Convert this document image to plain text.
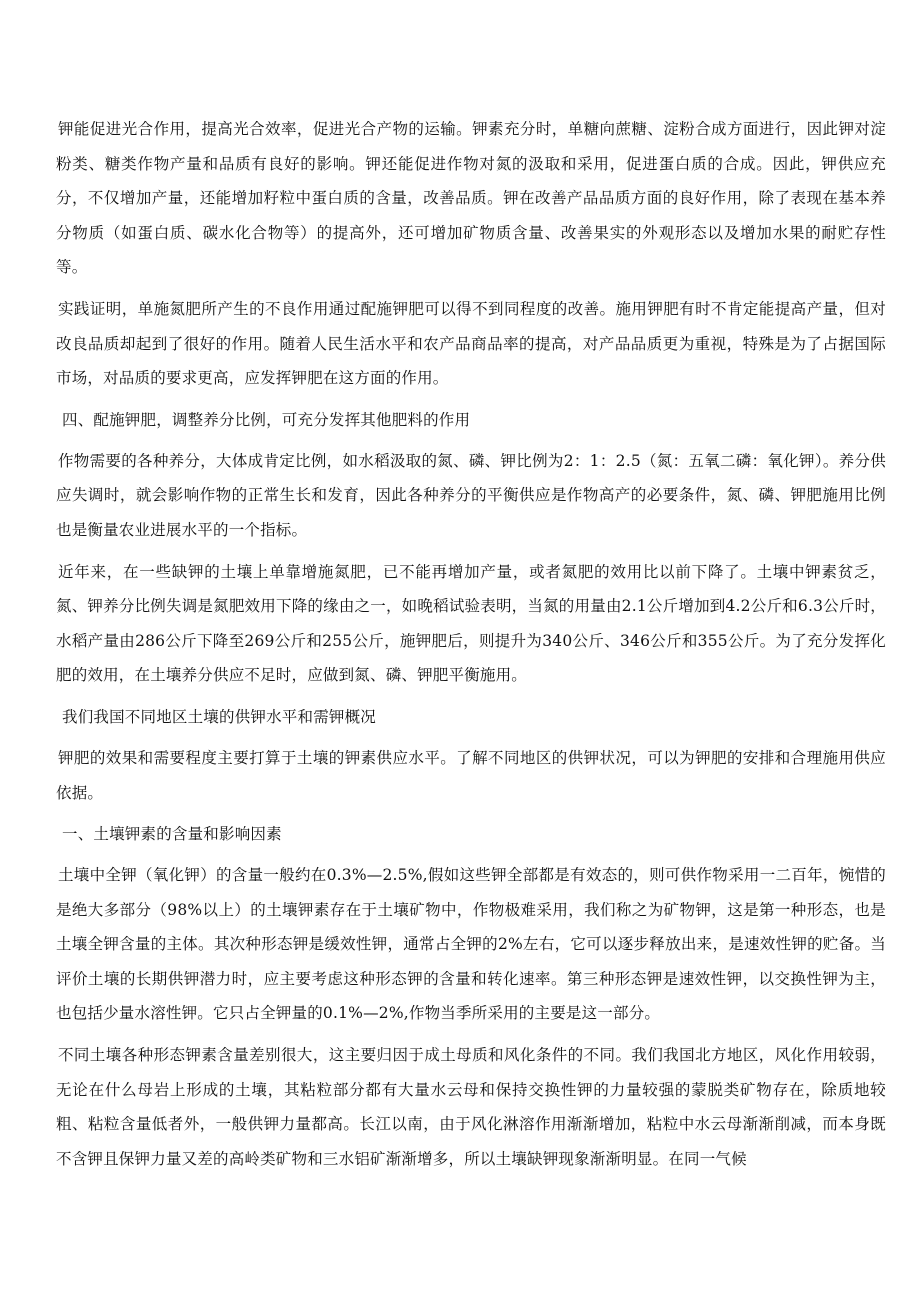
钾能促进光合作用，提高光合效率，促进光合产物的运输。钾素充分时，单糖向蔗糖、淀粉合成方面进行，因此钾对淀粉类、糖类作物产量和品质有良好的影响。钾还能促进作物对氮的汲取和采用，促进蛋白质的合成。因此，钾供应充分，不仅增加产量，还能增加籽粒中蛋白质的含量，改善品质。钾在改善产品品质方面的良好作用，除了表现在基本养分物质（如蛋白质、碳水化合物等）的提高外，还可增加矿物质含量、改善果实的外观形态以及增加水果的耐贮存性等。

实践证明，单施氮肥所产生的不良作用通过配施钾肥可以得不到同程度的改善。施用钾肥有时不肯定能提高产量，但对改良品质却起到了很好的作用。随着人民生活水平和农产品商品率的提高，对产品品质更为重视，特殊是为了占据国际市场，对品质的要求更高，应发挥钾肥在这方面的作用。

四、配施钾肥，调整养分比例，可充分发挥其他肥料的作用

作物需要的各种养分，大体成肯定比例，如水稻汲取的氮、磷、钾比例为2：1：2.5（氮：五氧二磷：氧化钾）。养分供应失调时，就会影响作物的正常生长和发育，因此各种养分的平衡供应是作物高产的必要条件，氮、磷、钾肥施用比例也是衡量农业进展水平的一个指标。

近年来，在一些缺钾的土壤上单靠增施氮肥，已不能再增加产量，或者氮肥的效用比以前下降了。土壤中钾素贫乏，氮、钾养分比例失调是氮肥效用下降的缘由之一，如晚稻试验表明，当氮的用量由2.1公斤增加到4.2公斤和6.3公斤时，水稻产量由286公斤下降至269公斤和255公斤，施钾肥后，则提升为340公斤、346公斤和355公斤。为了充分发挥化肥的效用，在土壤养分供应不足时，应做到氮、磷、钾肥平衡施用。

我们我国不同地区土壤的供钾水平和需钾概况

钾肥的效果和需要程度主要打算于土壤的钾素供应水平。了解不同地区的供钾状况，可以为钾肥的安排和合理施用供应依据。

一、土壤钾素的含量和影响因素

土壤中全钾（氧化钾）的含量一般约在0.3%—2.5%,假如这些钾全部都是有效态的，则可供作物采用一二百年，惋惜的是绝大多部分（98%以上）的土壤钾素存在于土壤矿物中，作物极难采用，我们称之为矿物钾，这是第一种形态，也是土壤全钾含量的主体。其次种形态钾是缓效性钾，通常占全钾的2%左右，它可以逐步释放出来，是速效性钾的贮备。当评价土壤的长期供钾潜力时，应主要考虑这种形态钾的含量和转化速率。第三种形态钾是速效性钾，以交换性钾为主，也包括少量水溶性钾。它只占全钾量的0.1%—2%,作物当季所采用的主要是这一部分。

不同土壤各种形态钾素含量差别很大，这主要归因于成土母质和风化条件的不同。我们我国北方地区，风化作用较弱，无论在什么母岩上形成的土壤，其粘粒部分都有大量水云母和保持交换性钾的力量较强的蒙脱类矿物存在，除质地较粗、粘粒含量低者外，一般供钾力量都高。长江以南，由于风化淋溶作用渐渐增加，粘粒中水云母渐渐削减，而本身既不含钾且保钾力量又差的高岭类矿物和三水铝矿渐渐增多，所以土壤缺钾现象渐渐明显。在同一气候
